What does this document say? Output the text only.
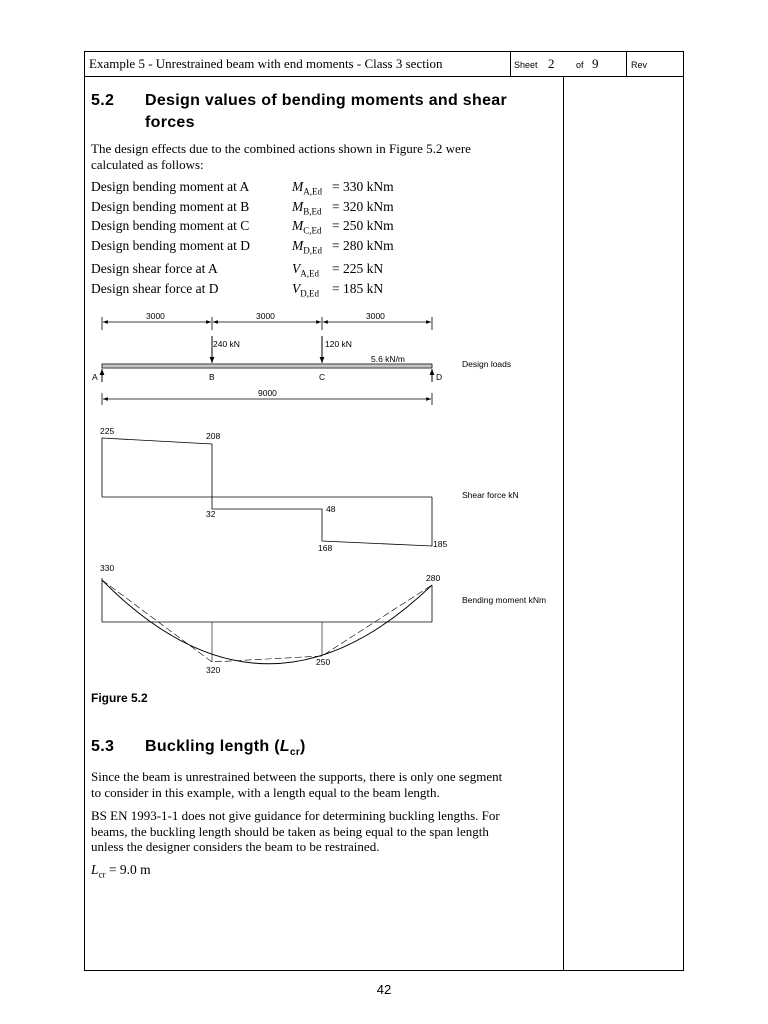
Example 5 - Unrestrained beam with end moments - Class 3 section	Sheet 2 of 9	Rev
5.2 Design values of bending moments and shear
forces
The design effects due to the combined actions shown in Figure 5.2 were
calculated as follows:
Design bending moment at A	$M_{A,Ed} = 330$ kNm
Design bending moment at B	$M_{B,Ed} = 320$ kNm
Design bending moment at C	$M_{C,Ed} = 250$ kNm
Design bending moment at D	$M_{D,Ed} = 280$ kNm
Design shear force at A	$V_{A,Ed} = 225$ kN
Design shear force at D	$V_{D,Ed} = 185$ kN
3000	3000	3000
9000
240 kN	120 kN
5.6 kN/m
A	B	C	D
Design loads
225	208
32	48
168	185
Shear force kN
330
280
320
250
Bending moment kNm
Figure 5.2
5.3 Buckling length $(L_{cr})$
Since the beam is unrestrained between the supports, there is only one segment
to consider in this example, with a length equal to the beam length.
BS EN 1993-1-1 does not give guidance for determining buckling lengths. For
beams, the buckling length should be taken as being equal to the span length
unless the designer considers the beam to be restrained.
$L_{cr} = 9.0$ m
42
